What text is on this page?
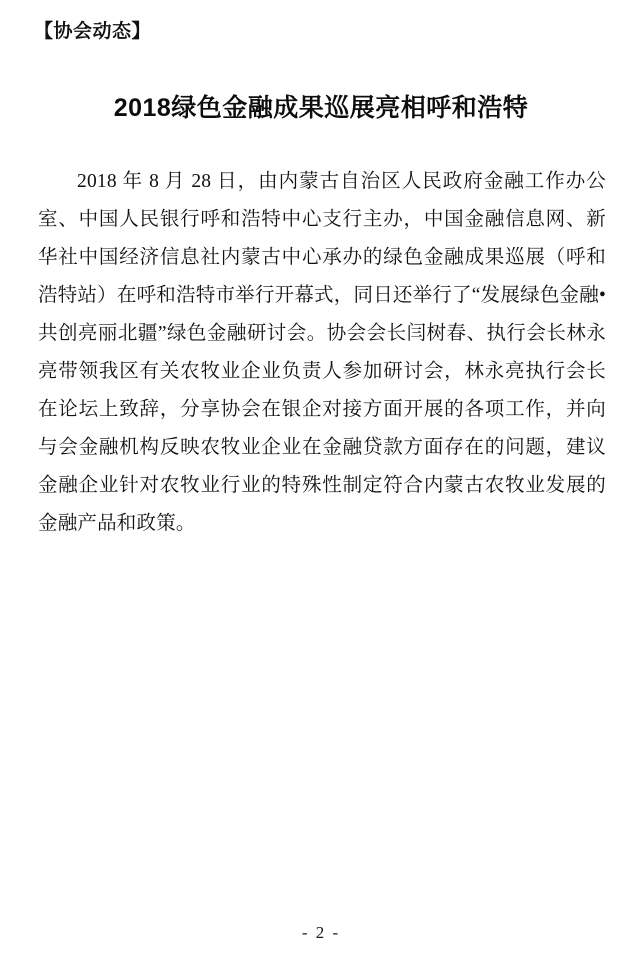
【协会动态】
2018绿色金融成果巡展亮相呼和浩特

2018 年 8 月 28 日，由内蒙古自治区人民政府金融工作办公室、中国人民银行呼和浩特中心支行主办，中国金融信息网、新华社中国经济信息社内蒙古中心承办的绿色金融成果巡展（呼和浩特站）在呼和浩特市举行开幕式，同日还举行了“发展绿色金融•共创亮丽北疆”绿色金融研讨会。协会会长闫树春、执行会长林永亮带领我区有关农牧业企业负责人参加研讨会，林永亮执行会长在论坛上致辞，分享协会在银企对接方面开展的各项工作，并向与会金融机构反映农牧业企业在金融贷款方面存在的问题，建议金融企业针对农牧业行业的特殊性制定符合内蒙古农牧业发展的金融产品和政策。

- 2 -
